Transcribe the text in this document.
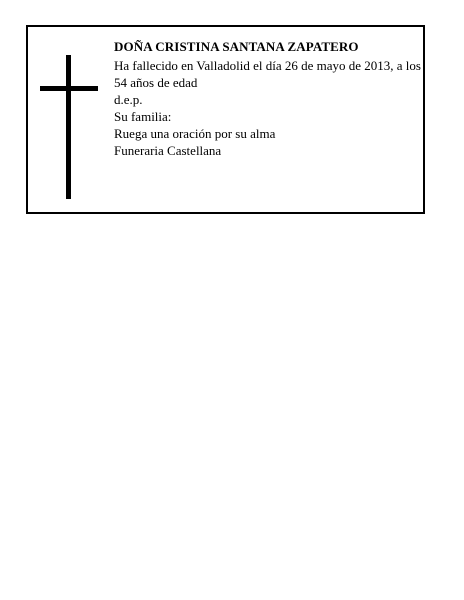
DOÑA CRISTINA SANTANA ZAPATERO

Ha fallecido en Valladolid el día 26 de mayo de 2013, a los 54 años de edad

d.e.p.

Su familia:

Ruega una oración por su alma

Funeraria Castellana
